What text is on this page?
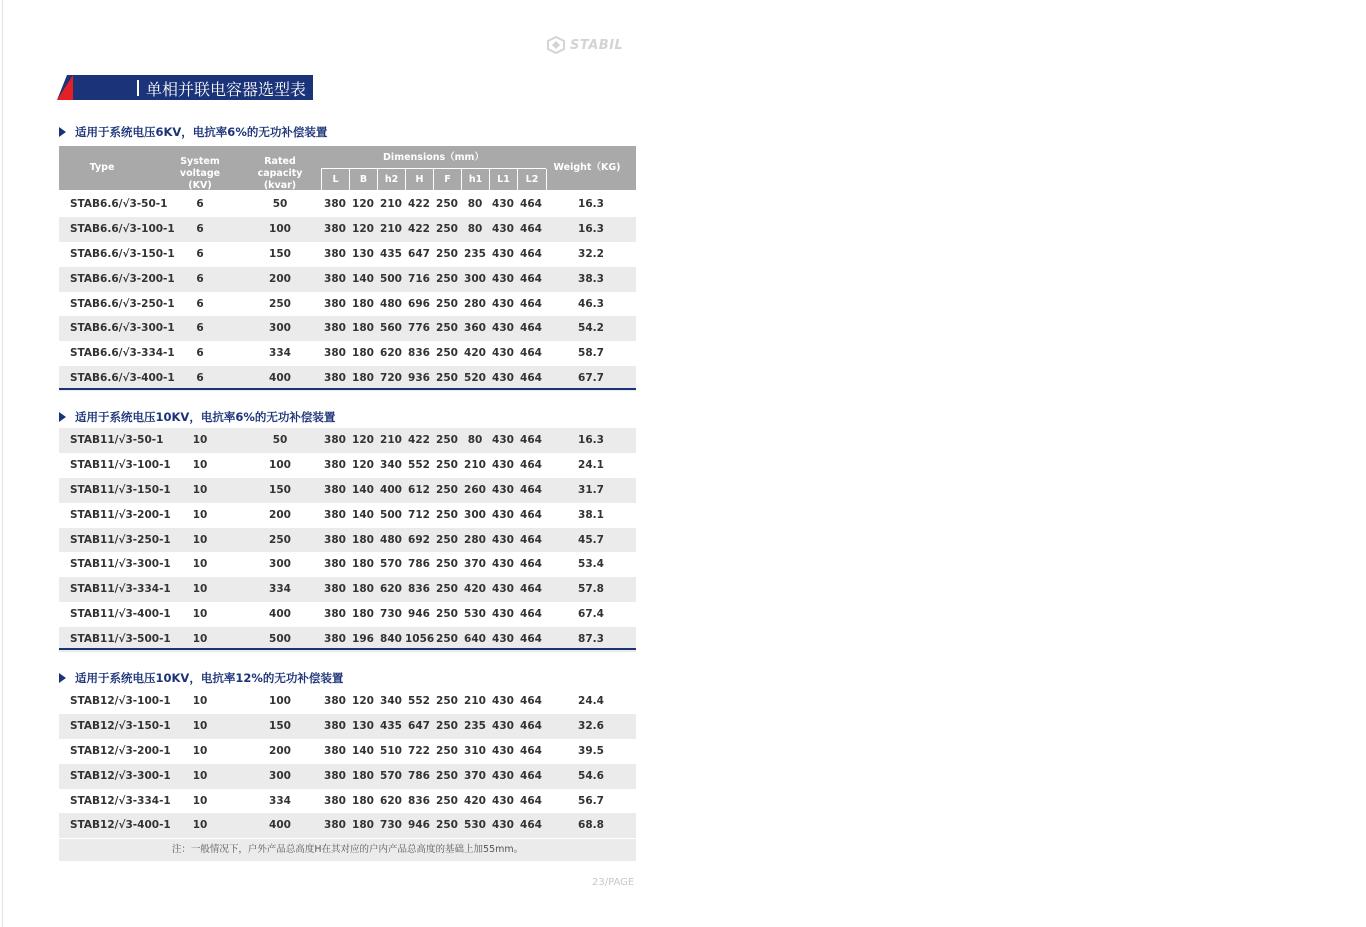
STABIL
单相并联电容器选型表
适用于系统电压6KV，电抗率6%的无功补偿装置
Type
System voltage
(KV)
Rated capacity
(kvar)
Dimensions（mm）
L	B	h2	H	F	h1	L1	L2
Weight（KG)
STAB6.6/√3-50-1	6	50	380 120 210 422 250 80 430 464	16.3
STAB6.6/√3-100-1	6	100	380 120 210 422 250 80 430 464	16.3
STAB6.6/√3-150-1	6	150	380 130 435 647 250 235 430 464	32.2
STAB6.6/√3-200-1	6	200	380 140 500 716 250 300 430 464	38.3
STAB6.6/√3-250-1	6	250	380 180 480 696 250 280 430 464	46.3
STAB6.6/√3-300-1	6	300	380 180 560 776 250 360 430 464	54.2
STAB6.6/√3-334-1	6	334	380 180 620 836 250 420 430 464	58.7
STAB6.6/√3-400-1	6	400	380 180 720 936 250 520 430 464	67.7
适用于系统电压10KV，电抗率6%的无功补偿装置
STAB11/√3-50-1	10	50	380 120 210 422 250 80 430 464	16.3
STAB11/√3-100-1	10	100	380 120 340 552 250 210 430 464	24.1
STAB11/√3-150-1	10	150	380 140 400 612 250 260 430 464	31.7
STAB11/√3-200-1	10	200	380 140 500 712 250 300 430 464	38.1
STAB11/√3-250-1	10	250	380 180 480 692 250 280 430 464	45.7
STAB11/√3-300-1	10	300	380 180 570 786 250 370 430 464	53.4
STAB11/√3-334-1	10	334	380 180 620 836 250 420 430 464	57.8
STAB11/√3-400-1	10	400	380 180 730 946 250 530 430 464	67.4
STAB11/√3-500-1	10	500	380 196 840 1056 250 640 430 464	87.3
适用于系统电压10KV，电抗率12%的无功补偿装置
STAB12/√3-100-1	10	100	380 120 340 552 250 210 430 464	24.4
STAB12/√3-150-1	10	150	380 130 435 647 250 235 430 464	32.6
STAB12/√3-200-1	10	200	380 140 510 722 250 310 430 464	39.5
STAB12/√3-300-1	10	300	380 180 570 786 250 370 430 464	54.6
STAB12/√3-334-1	10	334	380 180 620 836 250 420 430 464	56.7
STAB12/√3-400-1	10	400	380 180 730 946 250 530 430 464	68.8
注：一般情况下，户外产品总高度H在其对应的户内产品总高度的基础上加55mm。
23/PAGE
